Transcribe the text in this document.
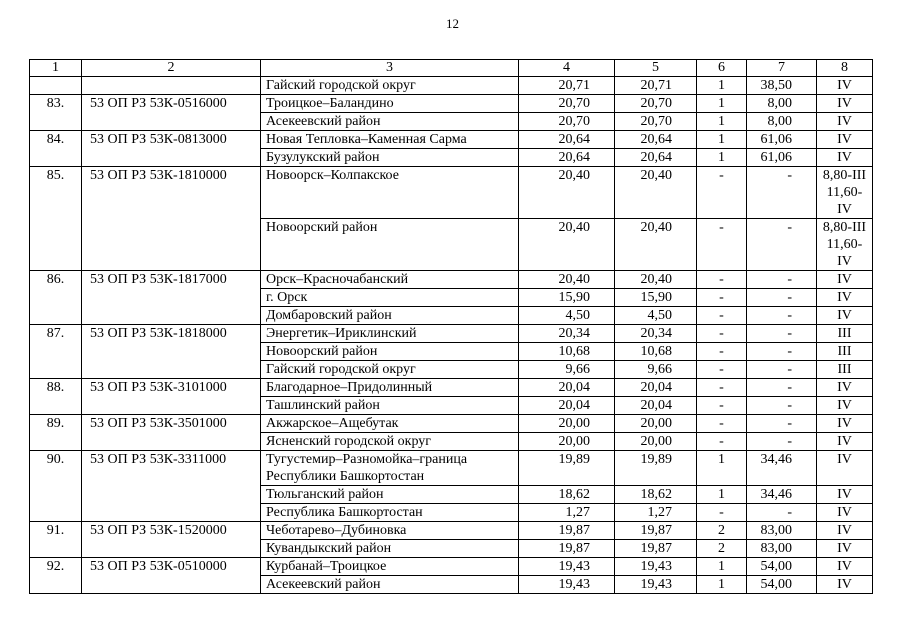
12
1	2	3	4	5	6	7	8
		Гайский городской округ	20,71	20,71	1	38,50	IV
83.	53 ОП РЗ 53К-0516000	Троицкое–Баландино	20,70	20,70	1	8,00	IV
		Асекеевский район	20,70	20,70	1	8,00	IV
84.	53 ОП РЗ 53К-0813000	Новая Тепловка–Каменная Сарма	20,64	20,64	1	61,06	IV
		Бузулукский район	20,64	20,64	1	61,06	IV
85.	53 ОП РЗ 53К-1810000	Новоорск–Колпакское	20,40	20,40	-	-	8,80-III
11,60-IV
		Новоорский район	20,40	20,40	-	-	8,80-III
11,60-IV
86.	53 ОП РЗ 53К-1817000	Орск–Красночабанский	20,40	20,40	-	-	IV
		г. Орск	15,90	15,90	-	-	IV
		Домбаровский район	4,50	4,50	-	-	IV
87.	53 ОП РЗ 53К-1818000	Энергетик–Ириклинский	20,34	20,34	-	-	III
		Новоорский район	10,68	10,68	-	-	III
		Гайский городской округ	9,66	9,66	-	-	III
88.	53 ОП РЗ 53К-3101000	Благодарное–Придолинный	20,04	20,04	-	-	IV
		Ташлинский район	20,04	20,04	-	-	IV
89.	53 ОП РЗ 53К-3501000	Акжарское–Ащебутак	20,00	20,00	-	-	IV
		Ясненский городской округ	20,00	20,00	-	-	IV
90.	53 ОП РЗ 53К-3311000	Тугустемир–Разномойка–граница
Республики Башкортостан	19,89	19,89	1	34,46	IV
		Тюльганский район	18,62	18,62	1	34,46	IV
		Республика Башкортостан	1,27	1,27	-	-	IV
91.	53 ОП РЗ 53К-1520000	Чеботарево–Дубиновка	19,87	19,87	2	83,00	IV
		Кувандыкский район	19,87	19,87	2	83,00	IV
92.	53 ОП РЗ 53К-0510000	Курбанай–Троицкое	19,43	19,43	1	54,00	IV
		Асекеевский район	19,43	19,43	1	54,00	IV
